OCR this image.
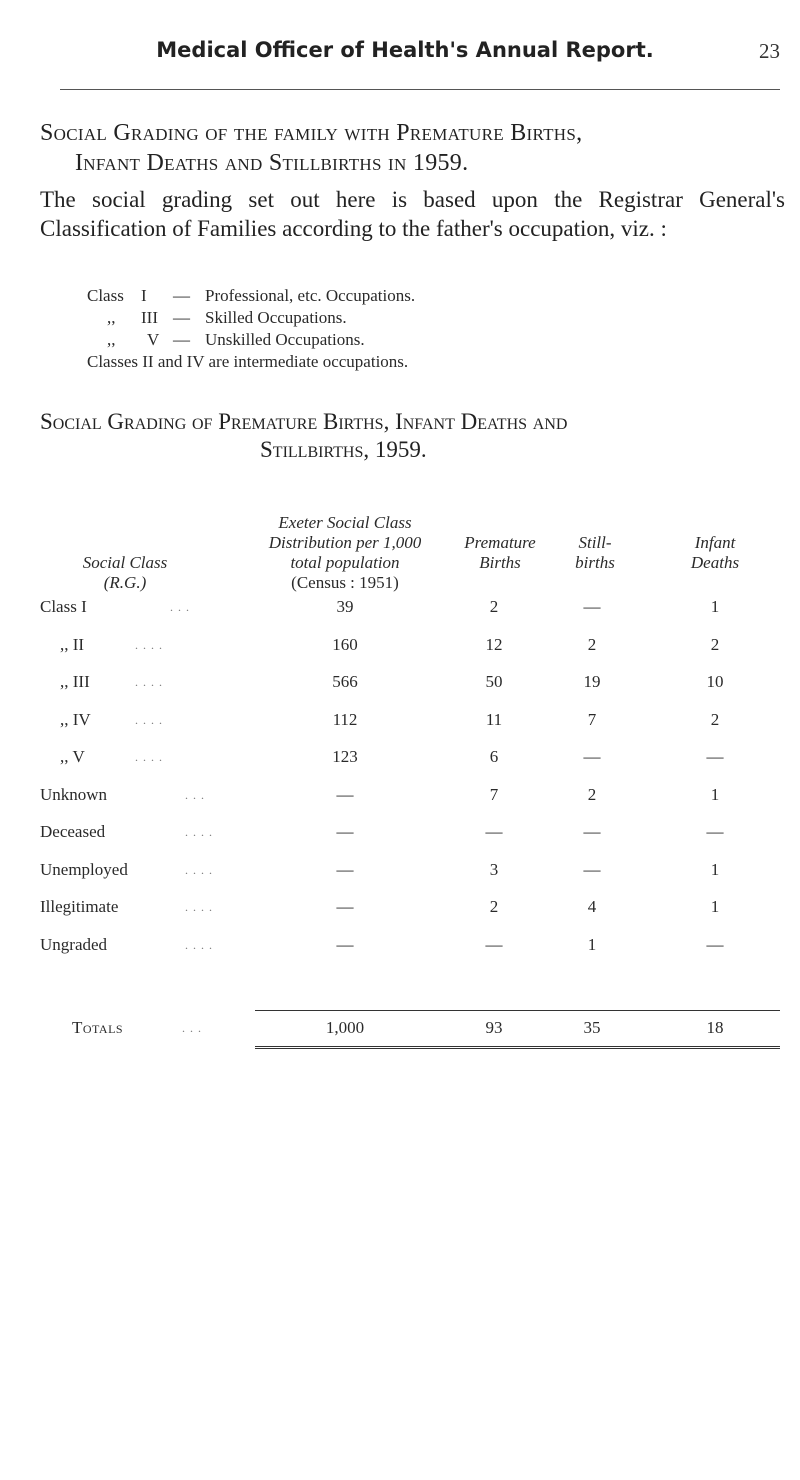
Medical Officer of Health's Annual Report.	23
Social Grading of the family with Premature Births,
Infant Deaths and Stillbirths in 1959.
The social grading set out here is based upon the Registrar General's Classification of Families according to the father's occupation, viz. :
Class I — Professional, etc. Occupations.
,, III — Skilled Occupations.
,, V — Unskilled Occupations.
Classes II and IV are intermediate occupations.
Social Grading of Premature Births, Infant Deaths and
Stillbirths, 1959.
Social Class
(R.G.)
Exeter Social Class
Distribution per 1,000
total population
(Census : 1951)
Premature
Births
Still-
births
Infant
Deaths
Class I	. . .	39	2	—	1
,, II	. . . .	160	12	2	2
,, III	. . . .	566	50	19	10
,, IV	. . . .	112	11	7	2
,, V	. . . .	123	6	—	—
Unknown	. . .	—	7	2	1
Deceased	. . . .	—	—	—	—
Unemployed	. . . .	—	3	—	1
Illegitimate	. . . .	—	2	4	1
Ungraded	. . . .	—	—	1	—
Totals	. . .	1,000	93	35	18
